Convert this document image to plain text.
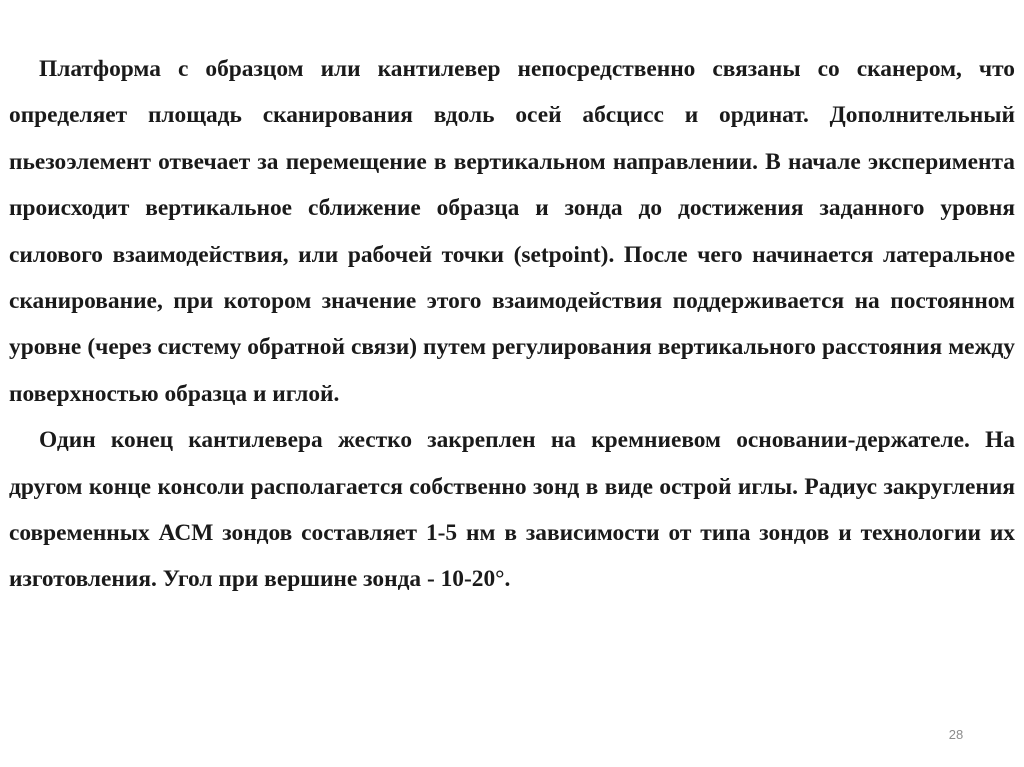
Платформа с образцом или кантилевер непосредственно связаны со сканером, что определяет площадь сканирования вдоль осей абсцисс и ординат. Дополнительный пьезоэлемент отвечает за перемещение в вертикальном направлении. В начале эксперимента происходит вертикальное сближение образца и зонда до достижения заданного уровня силового взаимодействия, или рабочей точки (setpoint). После чего начинается латеральное сканирование, при котором значение этого взаимодействия поддерживается на постоянном уровне (через систему обратной связи) путем регулирования вертикального расстояния между поверхностью образца и иглой.

Один конец кантилевера жестко закреплен на кремниевом основании-держателе. На другом конце консоли располагается собственно зонд в виде острой иглы. Радиус закругления современных АСМ зондов составляет 1-5 нм в зависимости от типа зондов и технологии их изготовления. Угол при вершине зонда - 10-20°.

28
